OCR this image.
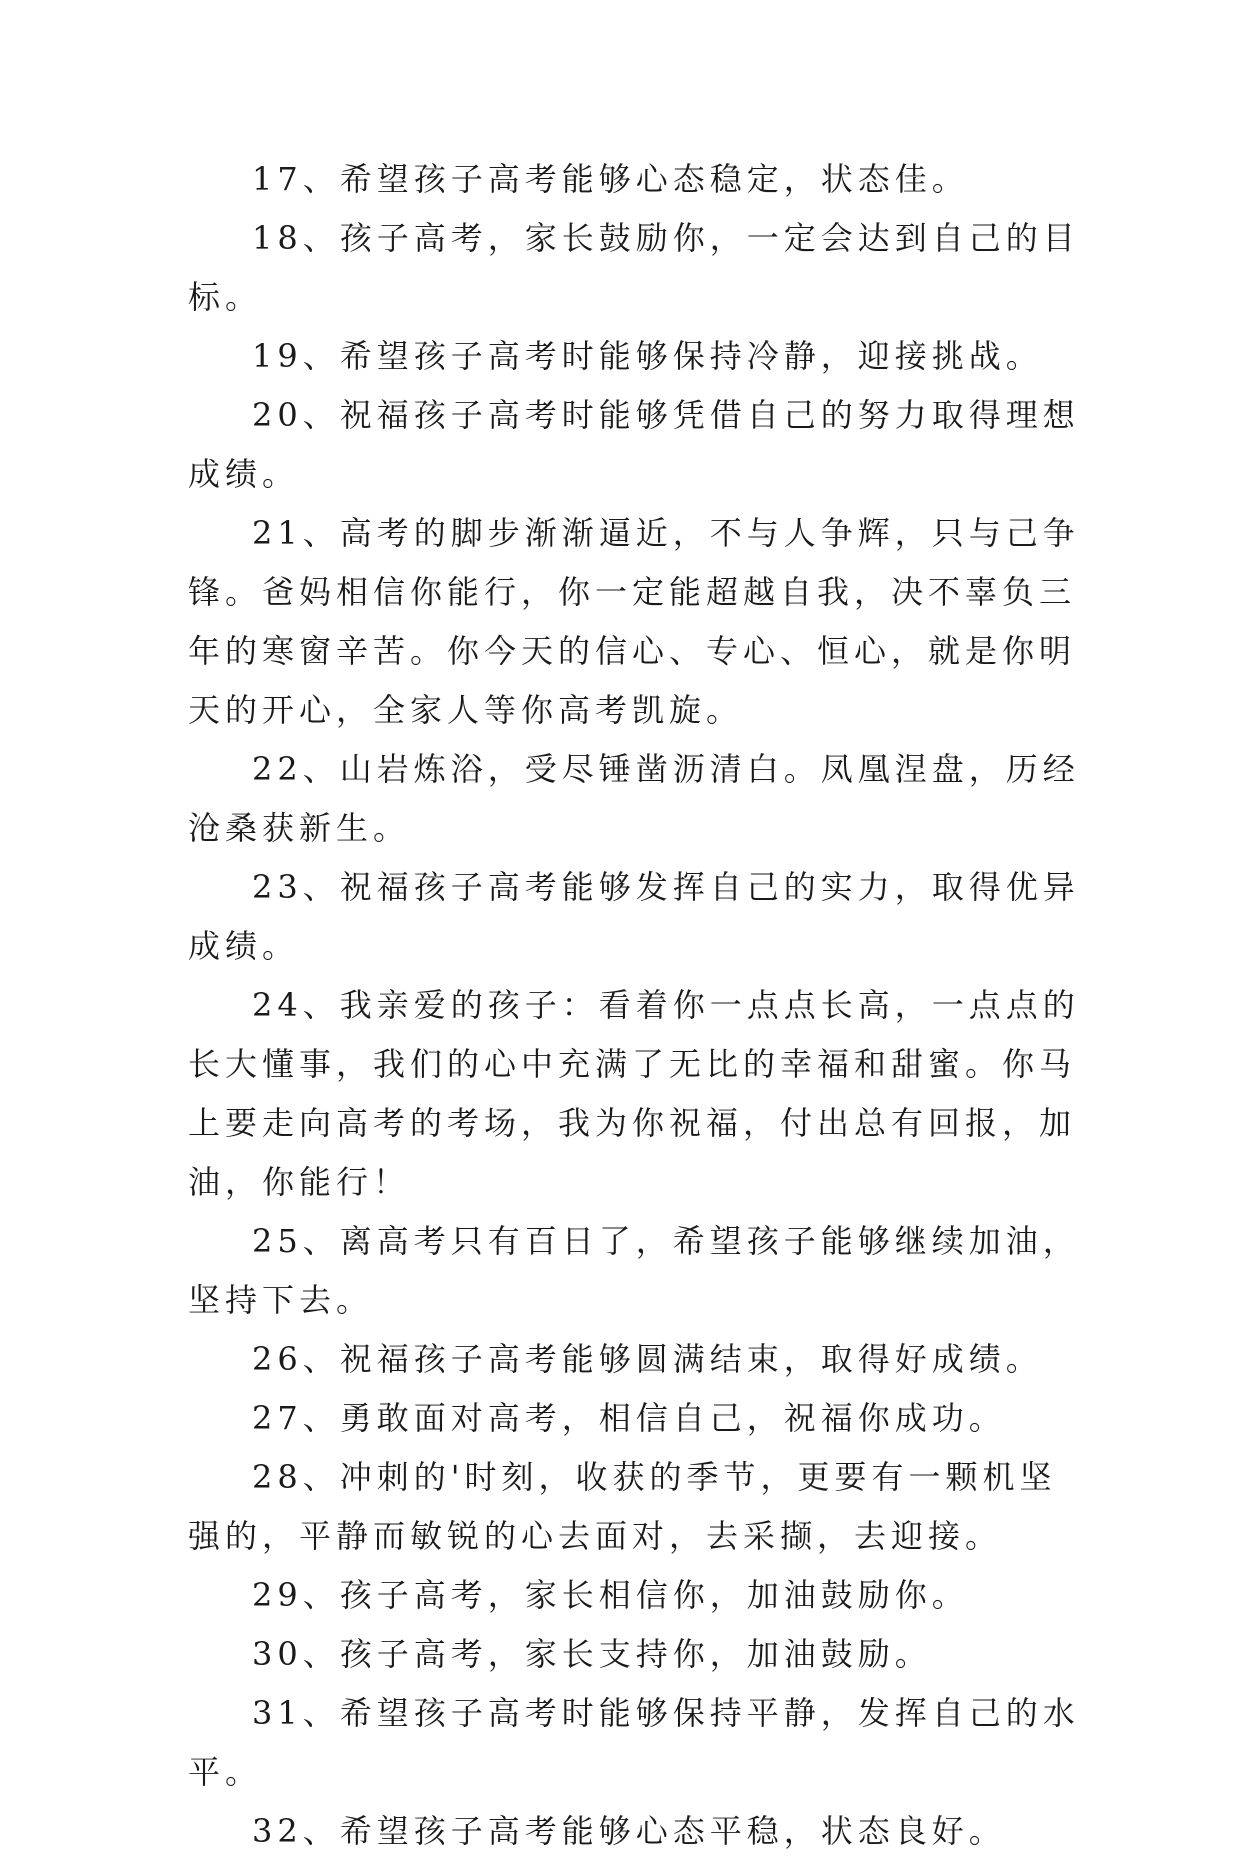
17、希望孩子高考能够心态稳定，状态佳。

18、孩子高考，家长鼓励你，一定会达到自己的目标。

19、希望孩子高考时能够保持冷静，迎接挑战。

20、祝福孩子高考时能够凭借自己的努力取得理想成绩。

21、高考的脚步渐渐逼近，不与人争辉，只与己争锋。爸妈相信你能行，你一定能超越自我，决不辜负三年的寒窗辛苦。你今天的信心、专心、恒心，就是你明天的开心，全家人等你高考凯旋。

22、山岩炼浴，受尽锤凿沥清白。凤凰涅盘，历经沧桑获新生。

23、祝福孩子高考能够发挥自己的实力，取得优异成绩。

24、我亲爱的孩子：看着你一点点长高，一点点的长大懂事，我们的心中充满了无比的幸福和甜蜜。你马上要走向高考的考场，我为你祝福，付出总有回报，加油，你能行！

25、离高考只有百日了，希望孩子能够继续加油，坚持下去。

26、祝福孩子高考能够圆满结束，取得好成绩。

27、勇敢面对高考，相信自己，祝福你成功。

28、冲刺的'时刻，收获的季节，更要有一颗机坚强的，平静而敏锐的心去面对，去采撷，去迎接。

29、孩子高考，家长相信你，加油鼓励你。

30、孩子高考，家长支持你，加油鼓励。

31、希望孩子高考时能够保持平静，发挥自己的水平。

32、希望孩子高考能够心态平稳，状态良好。
